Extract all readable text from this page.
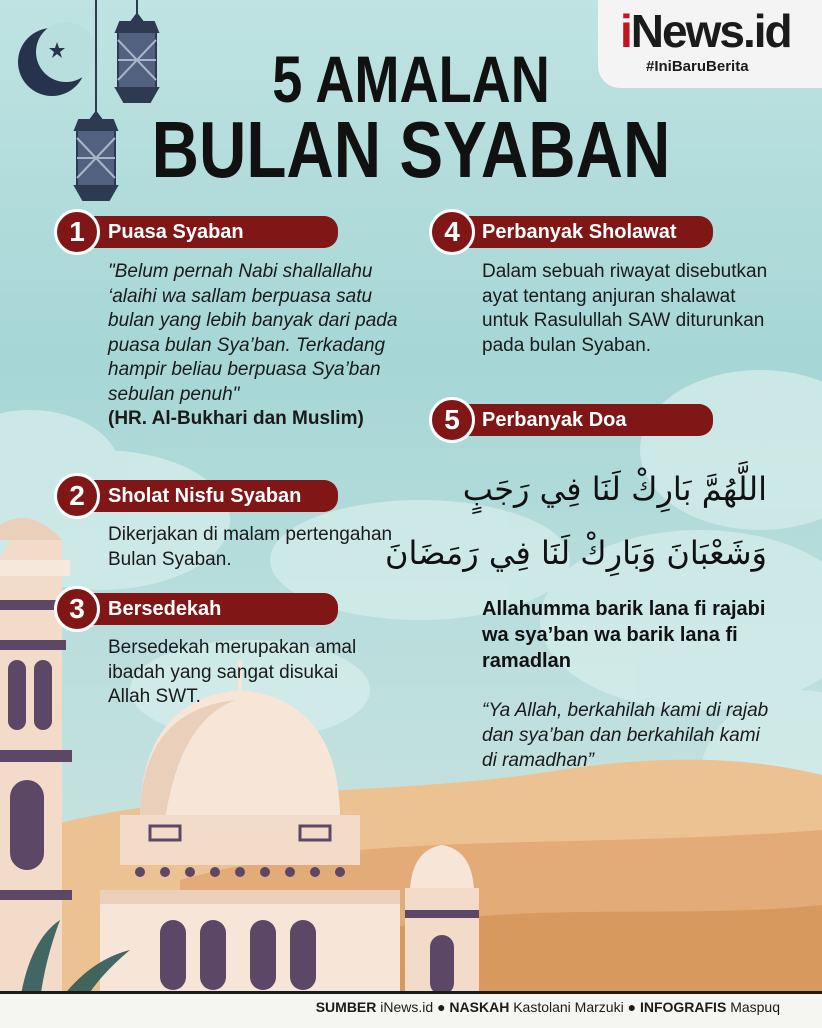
iNews.id
#IniBaruBerita
5 AMALAN
BULAN SYABAN
1	Puasa Syaban
"Belum pernah Nabi shallallahu ‘alaihi wa sallam berpuasa satu bulan yang lebih banyak dari pada puasa bulan Sya’ban. Terkadang hampir beliau berpuasa Sya’ban sebulan penuh"
(HR. Al-Bukhari dan Muslim)
2	Sholat Nisfu Syaban
Dikerjakan di malam pertengahan Bulan Syaban.
3	Bersedekah
Bersedekah merupakan amal ibadah yang sangat disukai Allah SWT.
4	Perbanyak Sholawat
Dalam sebuah riwayat disebutkan ayat tentang anjuran shalawat untuk Rasulullah SAW diturunkan pada bulan Syaban.
5	Perbanyak Doa
اللَّهُمَّ بَارِكْ لَنَا فِي رَجَبٍ
وَشَعْبَانَ وَبَارِكْ لَنَا فِي رَمَضَانَ
Allahumma barik lana fi rajabi wa sya’ban wa barik lana fi ramadlan
“Ya Allah, berkahilah kami di rajab dan sya’ban dan berkahilah kami di ramadhan”
SUMBER iNews.id ● NASKAH Kastolani Marzuki ● INFOGRAFIS Maspuq
